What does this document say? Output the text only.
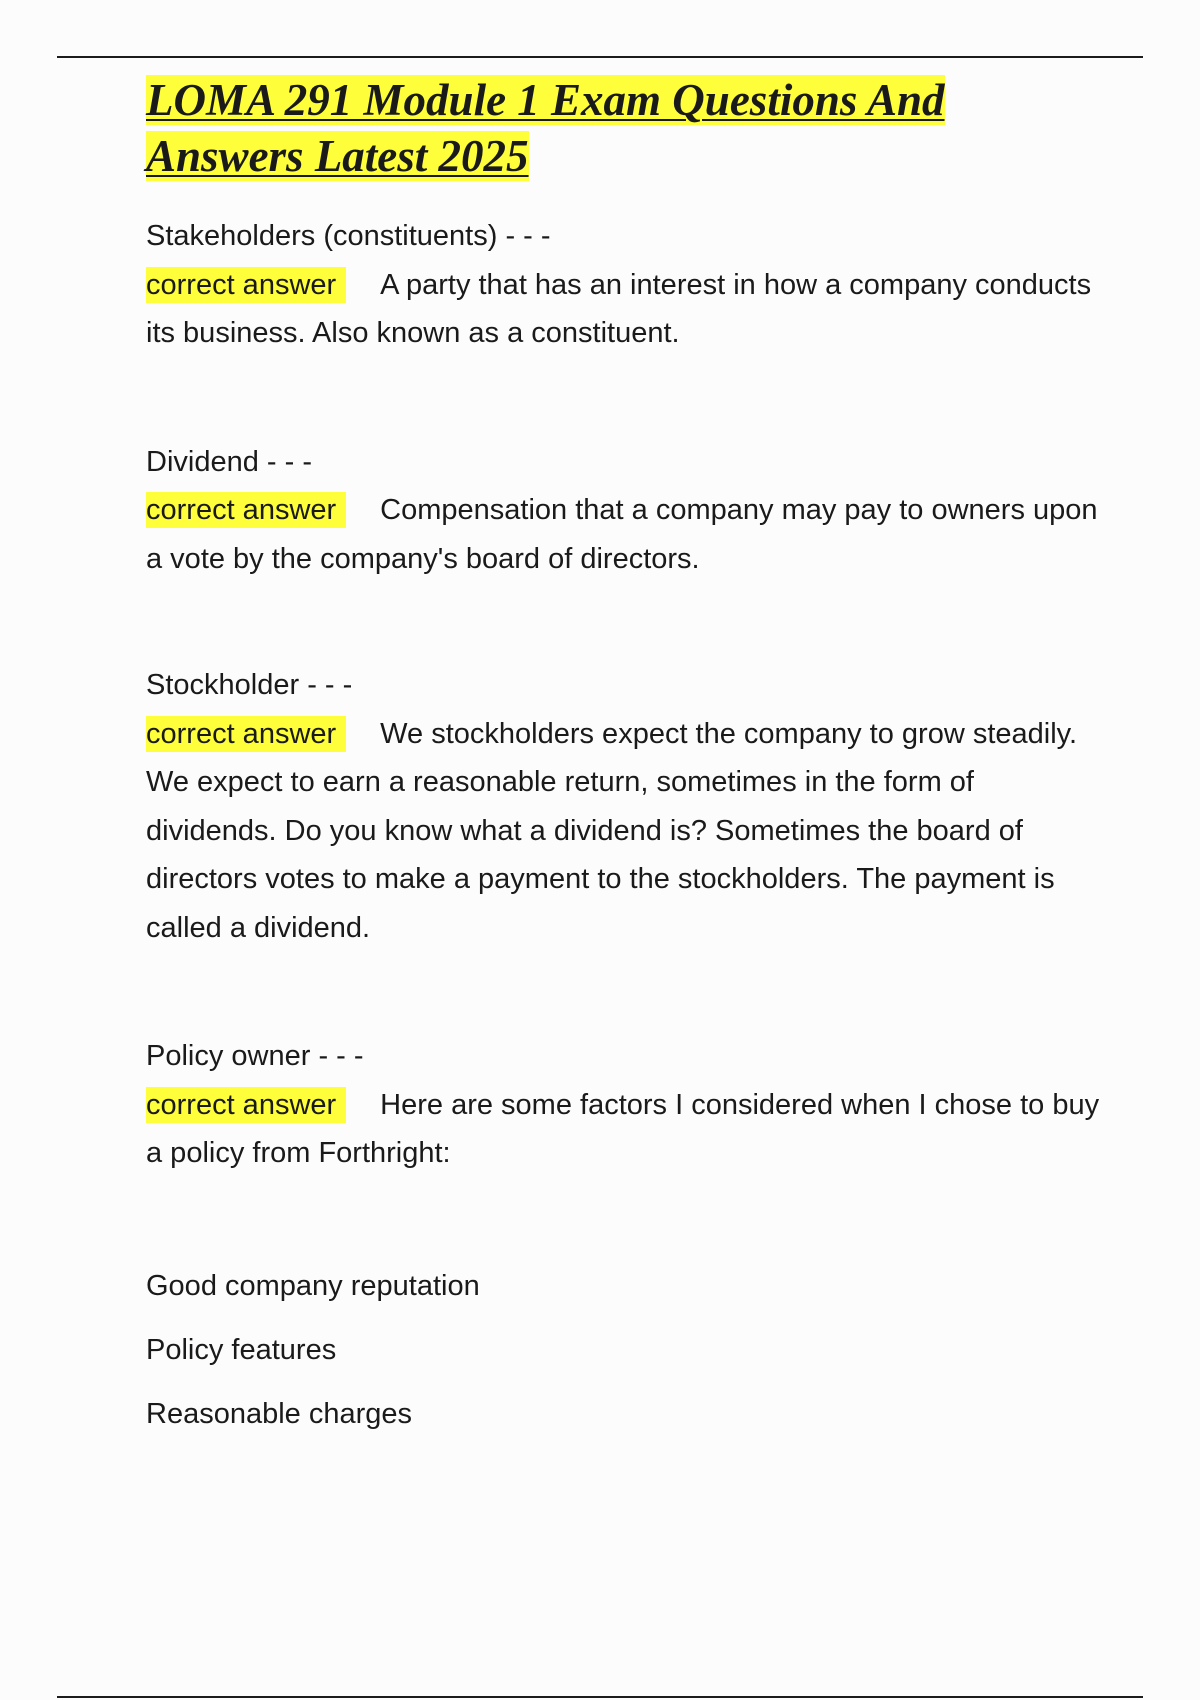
LOMA 291 Module 1 Exam Questions And Answers Latest 2025
Stakeholders (constituents) - - -
correct answer A party that has an interest in how a company conducts its business. Also known as a constituent.
Dividend - - -
correct answer Compensation that a company may pay to owners upon a vote by the company's board of directors.
Stockholder - - -
correct answer We stockholders expect the company to grow steadily. We expect to earn a reasonable return, sometimes in the form of dividends. Do you know what a dividend is? Sometimes the board of directors votes to make a payment to the stockholders. The payment is called a dividend.
Policy owner - - -
correct answer Here are some factors I considered when I chose to buy a policy from Forthright:
Good company reputation
Policy features
Reasonable charges
